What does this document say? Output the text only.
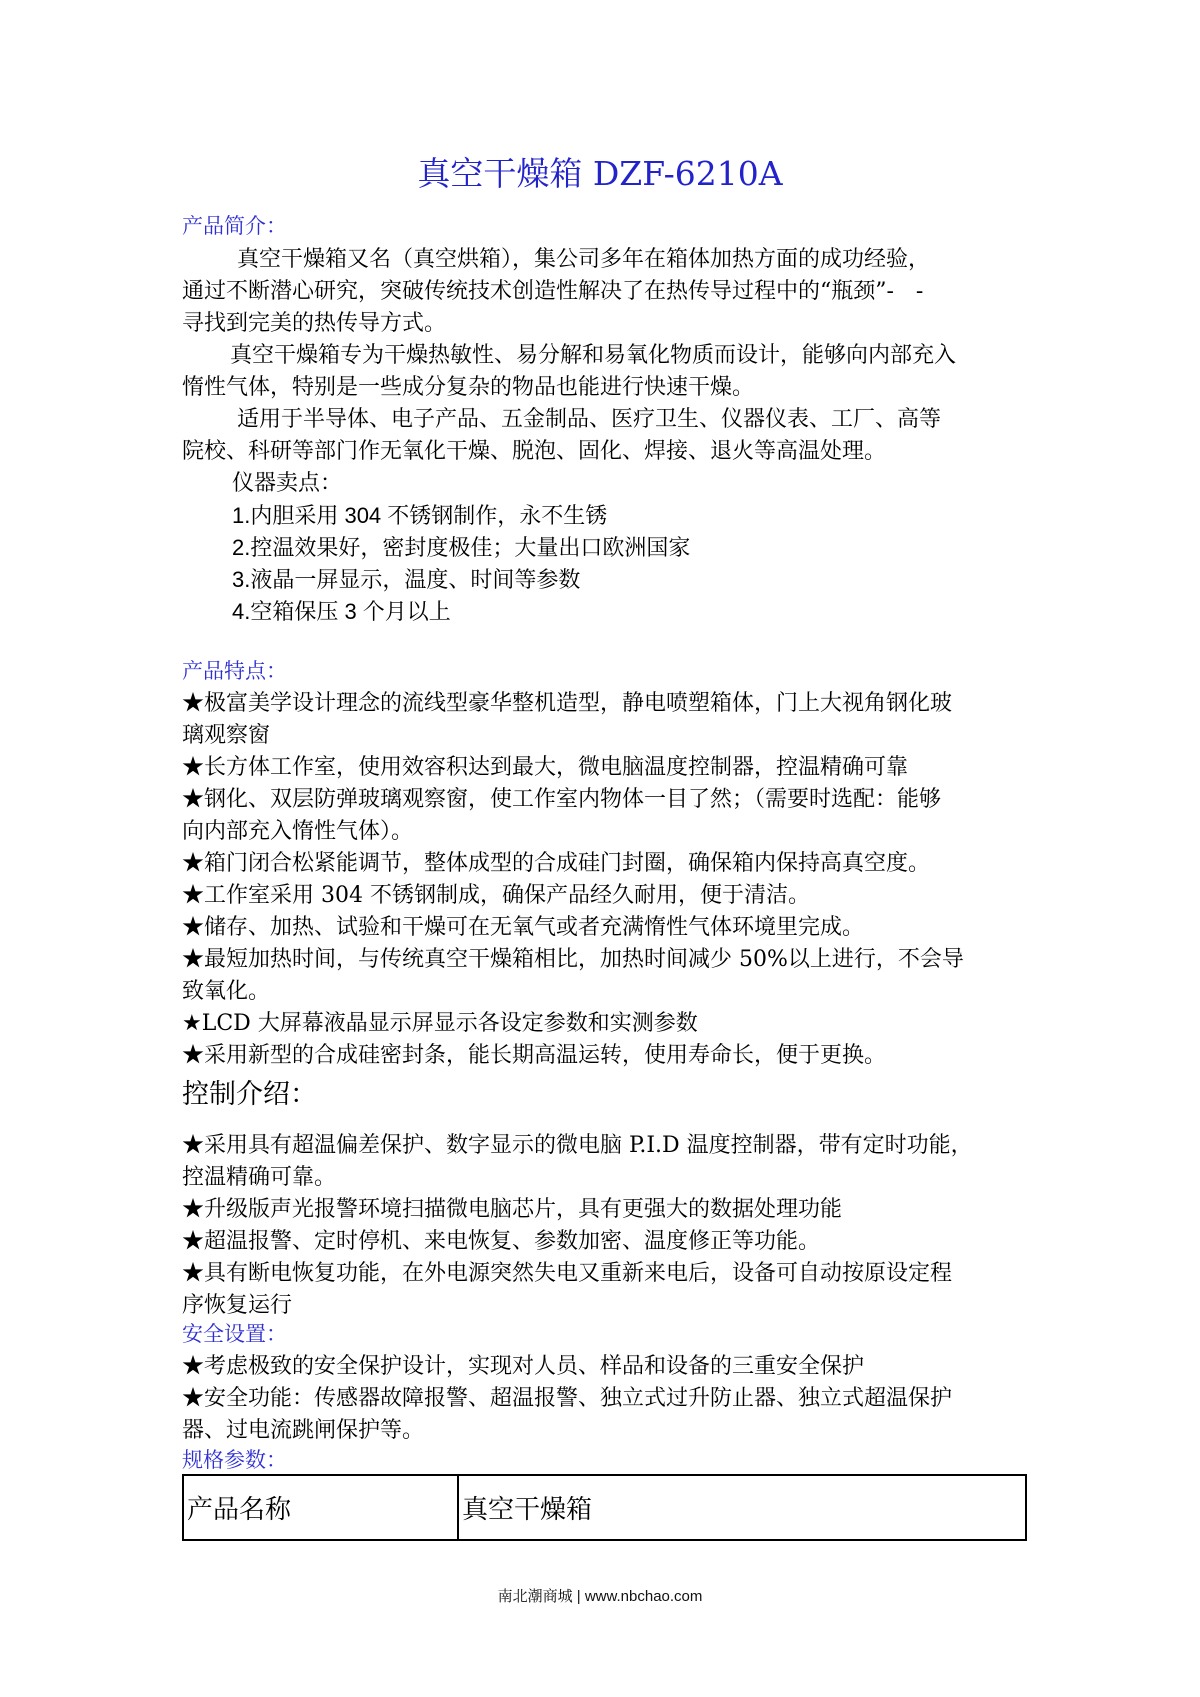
真空干燥箱 DZF-6210A
产品简介：
真空干燥箱又名（真空烘箱），集公司多年在箱体加热方面的成功经验，
通过不断潜心研究，突破传统技术创造性解决了在热传导过程中的“瓶颈”-　-
寻找到完美的热传导方式。
真空干燥箱专为干燥热敏性、易分解和易氧化物质而设计，能够向内部充入
惰性气体，特别是一些成分复杂的物品也能进行快速干燥。
适用于半导体、电子产品、五金制品、医疗卫生、仪器仪表、工厂、高等
院校、科研等部门作无氧化干燥、脱泡、固化、焊接、退火等高温处理。
仪器卖点：
1.内胆采用 304 不锈钢制作，永不生锈
2.控温效果好，密封度极佳；大量出口欧洲国家
3.液晶一屏显示，温度、时间等参数
4.空箱保压 3 个月以上
产品特点：
★极富美学设计理念的流线型豪华整机造型，静电喷塑箱体，门上大视角钢化玻
璃观察窗
★长方体工作室，使用效容积达到最大，微电脑温度控制器，控温精确可靠
★钢化、双层防弹玻璃观察窗，使工作室内物体一目了然；（需要时选配：能够
向内部充入惰性气体）。
★箱门闭合松紧能调节，整体成型的合成硅门封圈，确保箱内保持高真空度。
★工作室采用 304 不锈钢制成，确保产品经久耐用，便于清洁。
★储存、加热、试验和干燥可在无氧气或者充满惰性气体环境里完成。
★最短加热时间，与传统真空干燥箱相比，加热时间减少 50%以上进行，不会导
致氧化。
★LCD 大屏幕液晶显示屏显示各设定参数和实测参数
★采用新型的合成硅密封条，能长期高温运转，使用寿命长，便于更换。
控制介绍：
★采用具有超温偏差保护、数字显示的微电脑 P.I.D 温度控制器，带有定时功能，
控温精确可靠。
★升级版声光报警环境扫描微电脑芯片，具有更强大的数据处理功能
★超温报警、定时停机、来电恢复、参数加密、温度修正等功能。
★具有断电恢复功能，在外电源突然失电又重新来电后，设备可自动按原设定程
序恢复运行
安全设置：
★考虑极致的安全保护设计，实现对人员、样品和设备的三重安全保护
★安全功能：传感器故障报警、超温报警、独立式过升防止器、独立式超温保护
器、过电流跳闸保护等。
规格参数：
产品名称	真空干燥箱
南北潮商城 | www.nbchao.com
